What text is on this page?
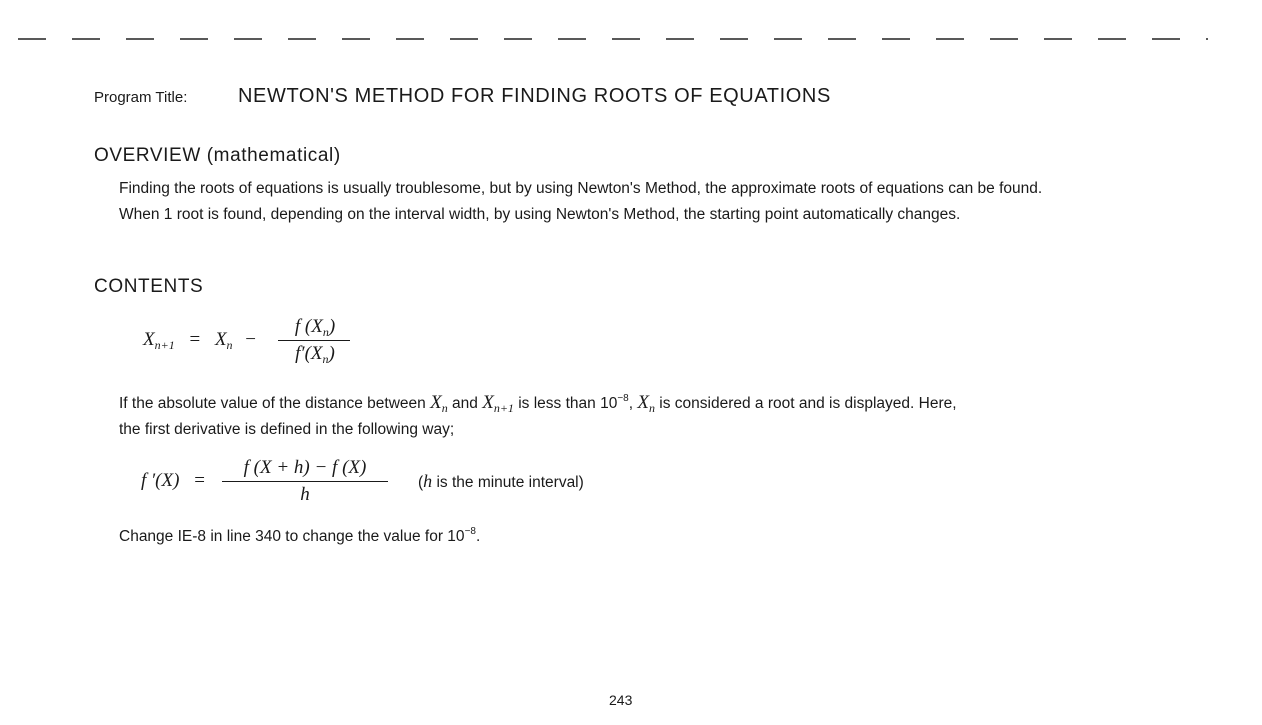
Program Title:	NEWTON'S METHOD FOR FINDING ROOTS OF EQUATIONS
OVERVIEW (mathematical)
Finding the roots of equations is usually troublesome, but by using Newton's Method, the approximate roots of equations can be found.
When 1 root is found, depending on the interval width, by using Newton's Method, the starting point automatically changes.
CONTENTS
$X_{n+1} = X_n$ −
f $(X_n)$
$f'(X_n)$
If the absolute value of the distance between $X_n$ and $X_{n+1}$ is less than $10^{-8}$, $X_n$ is considered a root and is displayed. Here,
the first derivative is defined in the following way;
f ′(X) =
f (X + h) − f (X)
h
(h is the minute interval)
Change IE-8 in line 340 to change the value for $10^{-8}$.
243
